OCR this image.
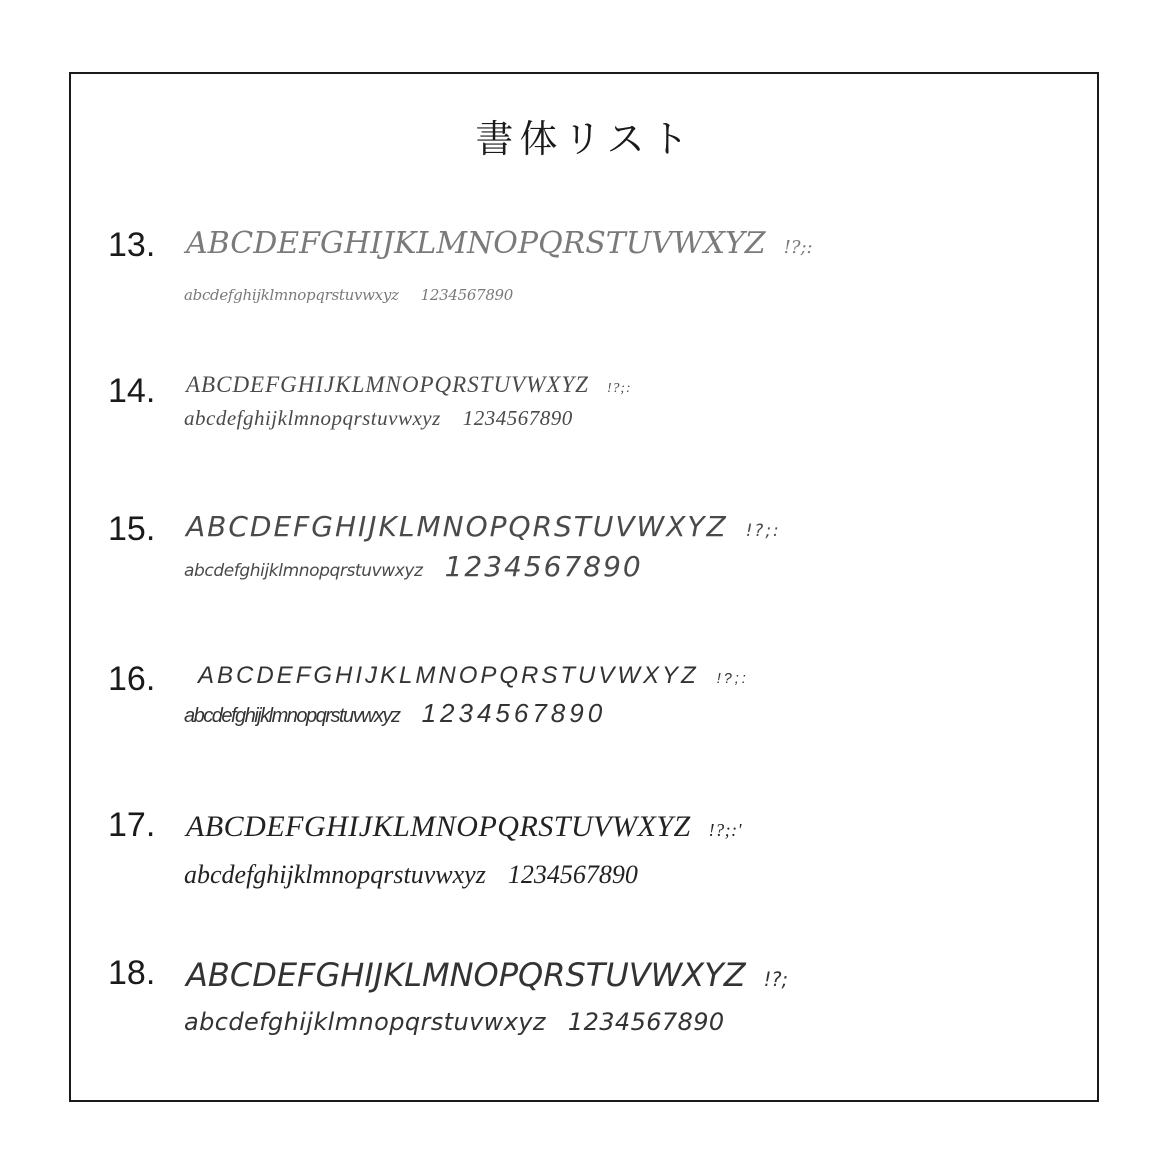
書体リスト
13. ABCDEFGHIJKLMNOPQRSTUVWXYZ !?;:
abcdefghijklmnopqrstuvwxyz 1234567890
14. ABCDEFGHIJKLMNOPQRSTUVWXYZ !?;:
abcdefghijklmnopqrstuvwxyz 1234567890
15. ABCDEFGHIJKLMNOPQRSTUVWXYZ !?;:
abcdefghijklmnopqrstuvwxyz 1234567890
16. ABCDEFGHIJKLMNOPQRSTUVWXYZ !?;:
abcdefghijklmnopqrstuvwxyz 1234567890
17. ABCDEFGHIJKLMNOPQRSTUVWXYZ !?;:'
abcdefghijklmnopqrstuvwxyz 1234567890
18. ABCDEFGHIJKLMNOPQRSTUVWXYZ !?;
abcdefghijklmnopqrstuvwxyz 1234567890
